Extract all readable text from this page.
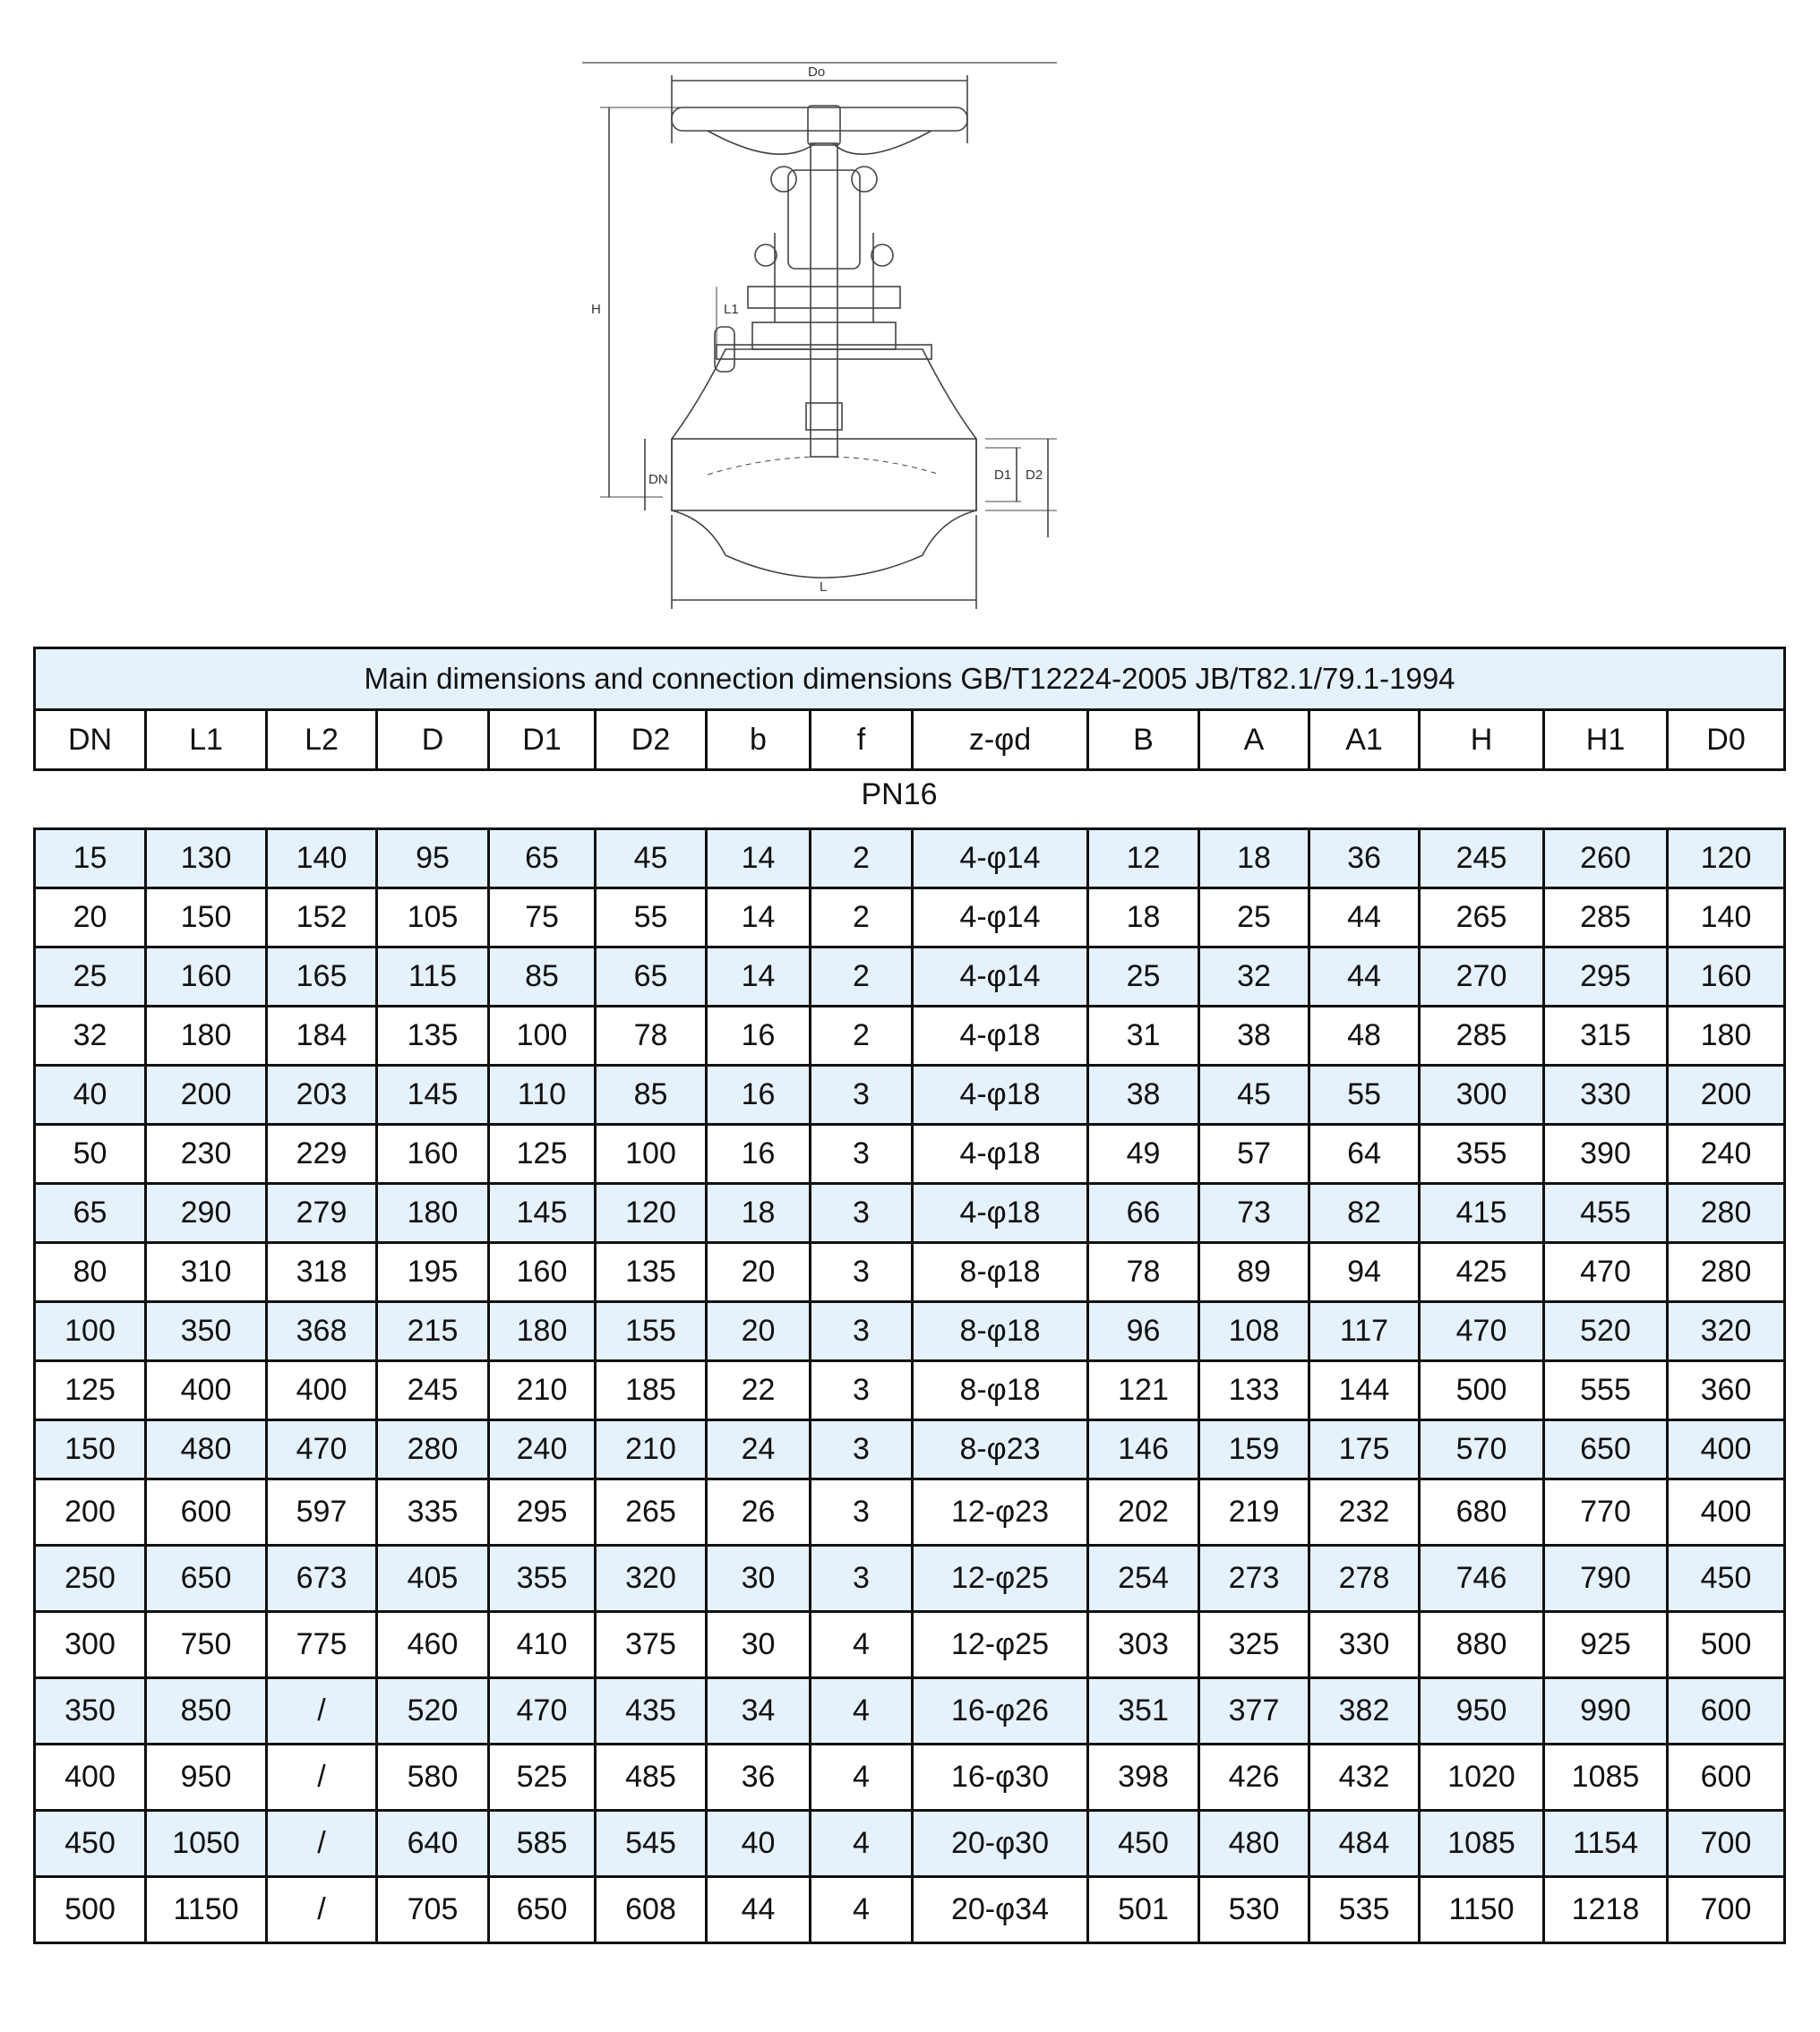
Do
H	L1
DN	D1 D2
L
Main dimensions and connection dimensions GB/T12224-2005 JB/T82.1/79.1-1994
DN	L1	L2	D	D1	D2	b	f	z-φd	B	A	A1	H	H1	D0
PN16
15	130	140	95	65	45	14	2	4-φ14	12	18	36	245	260	120
20	150	152	105	75	55	14	2	4-φ14	18	25	44	265	285	140
25	160	165	115	85	65	14	2	4-φ14	25	32	44	270	295	160
32	180	184	135	100	78	16	2	4-φ18	31	38	48	285	315	180
40	200	203	145	110	85	16	3	4-φ18	38	45	55	300	330	200
50	230	229	160	125	100	16	3	4-φ18	49	57	64	355	390	240
65	290	279	180	145	120	18	3	4-φ18	66	73	82	415	455	280
80	310	318	195	160	135	20	3	8-φ18	78	89	94	425	470	280
100	350	368	215	180	155	20	3	8-φ18	96	108	117	470	520	320
125	400	400	245	210	185	22	3	8-φ18	121	133	144	500	555	360
150	480	470	280	240	210	24	3	8-φ23	146	159	175	570	650	400
200	600	597	335	295	265	26	3	12-φ23	202	219	232	680	770	400
250	650	673	405	355	320	30	3	12-φ25	254	273	278	746	790	450
300	750	775	460	410	375	30	4	12-φ25	303	325	330	880	925	500
350	850	/	520	470	435	34	4	16-φ26	351	377	382	950	990	600
400	950	/	580	525	485	36	4	16-φ30	398	426	432	1020	1085	600
450	1050	/	640	585	545	40	4	20-φ30	450	480	484	1085	1154	700
500	1150	/	705	650	608	44	4	20-φ34	501	530	535	1150	1218	700
